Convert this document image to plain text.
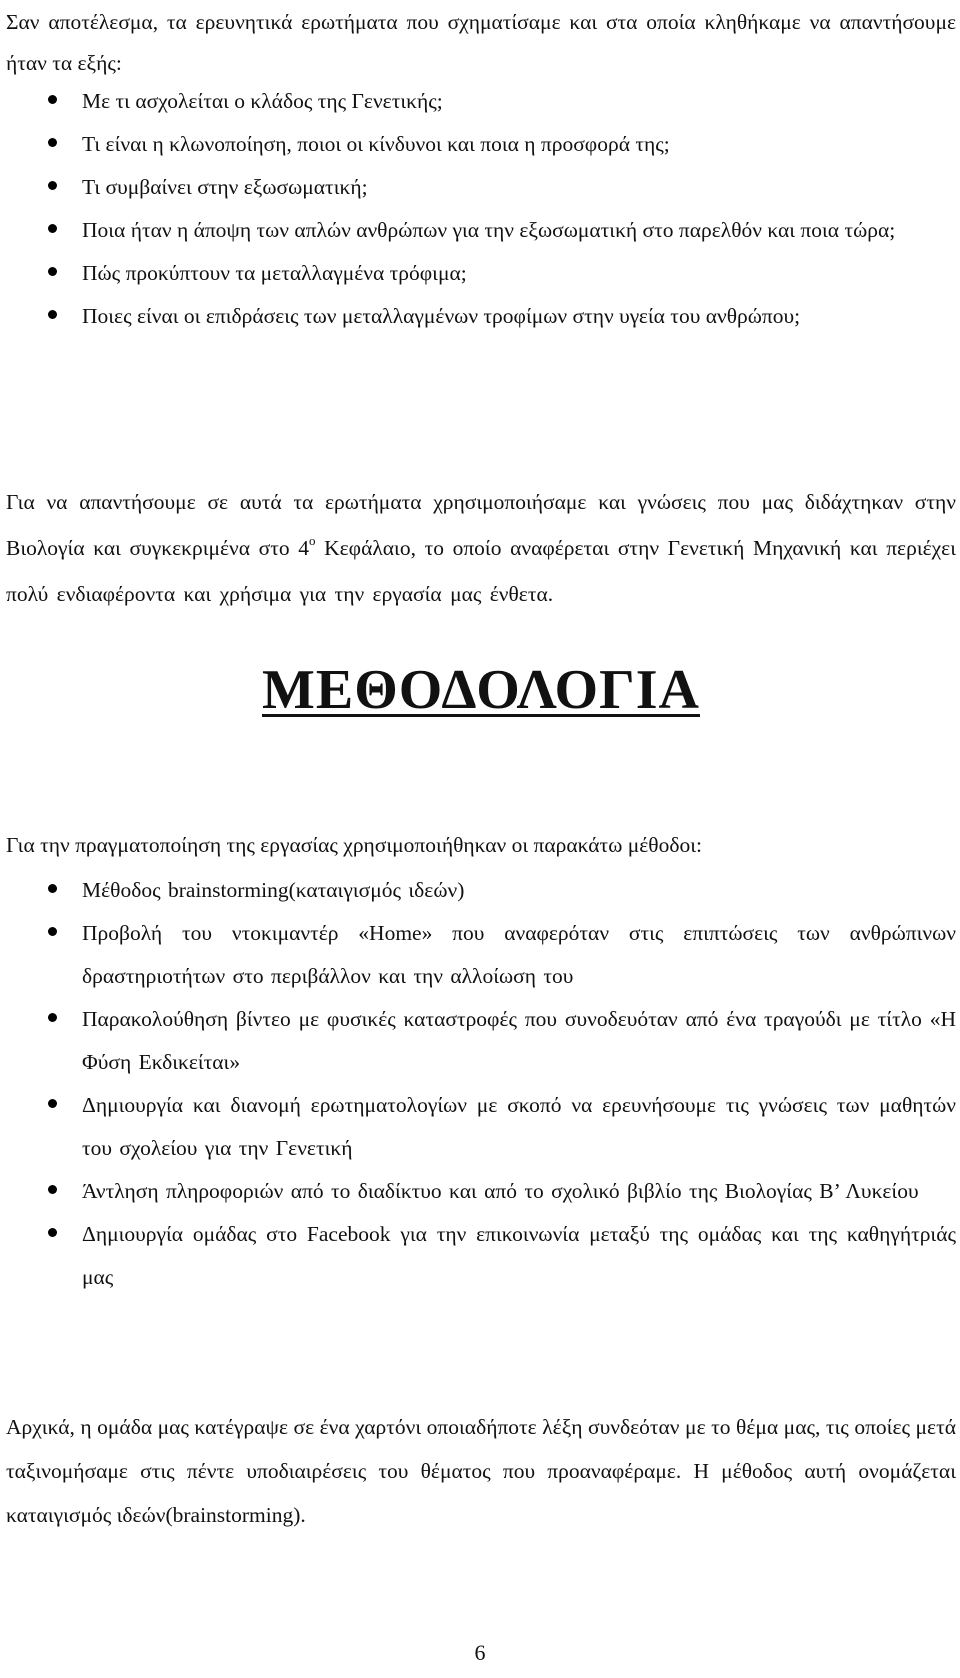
Σαν αποτέλεσμα, τα ερευνητικά ερωτήματα που σχηματίσαμε και στα οποία κληθήκαμε να απαντήσουμε ήταν τα εξής:

Με τι ασχολείται ο κλάδος της Γενετικής;
Τι είναι η κλωνοποίηση, ποιοι οι κίνδυνοι και ποια η προσφορά της;
Τι συμβαίνει στην εξωσωματική;
Ποια ήταν η άποψη των απλών ανθρώπων για την εξωσωματική στο παρελθόν και ποια τώρα;
Πώς προκύπτουν τα μεταλλαγμένα τρόφιμα;
Ποιες είναι οι επιδράσεις των μεταλλαγμένων τροφίμων στην υγεία του ανθρώπου;

Για να απαντήσουμε σε αυτά τα ερωτήματα χρησιμοποιήσαμε και γνώσεις που μας διδάχτηκαν στην Βιολογία και συγκεκριμένα στο $4^o$ Κεφάλαιο, το οποίο αναφέρεται στην Γενετική Μηχανική και περιέχει πολύ ενδιαφέροντα και χρήσιμα για την εργασία μας ένθετα.

ΜΕΘΟΔΟΛΟΓΙΑ

Για την πραγματοποίηση της εργασίας χρησιμοποιήθηκαν οι παρακάτω μέθοδοι:

Μέθοδος brainstorming(καταιγισμός ιδεών)
Προβολή του ντοκιμαντέρ «Home» που αναφερόταν στις επιπτώσεις των ανθρώπινων δραστηριοτήτων στο περιβάλλον και την αλλοίωση του
Παρακολούθηση βίντεο με φυσικές καταστροφές που συνοδευόταν από ένα τραγούδι με τίτλο «Η Φύση Εκδικείται»
Δημιουργία και διανομή ερωτηματολογίων με σκοπό να ερευνήσουμε τις γνώσεις των μαθητών του σχολείου για την Γενετική
Άντληση πληροφοριών από το διαδίκτυο και από το σχολικό βιβλίο της Βιολογίας Β’ Λυκείου
Δημιουργία ομάδας στο Facebook για την επικοινωνία μεταξύ της ομάδας και της καθηγήτριάς μας

Αρχικά, η ομάδα μας κατέγραψε σε ένα χαρτόνι οποιαδήποτε λέξη συνδεόταν με το θέμα μας, τις οποίες μετά ταξινομήσαμε στις πέντε υποδιαιρέσεις του θέματος που προαναφέραμε. Η μέθοδος αυτή ονομάζεται καταιγισμός ιδεών(brainstorming).

6
